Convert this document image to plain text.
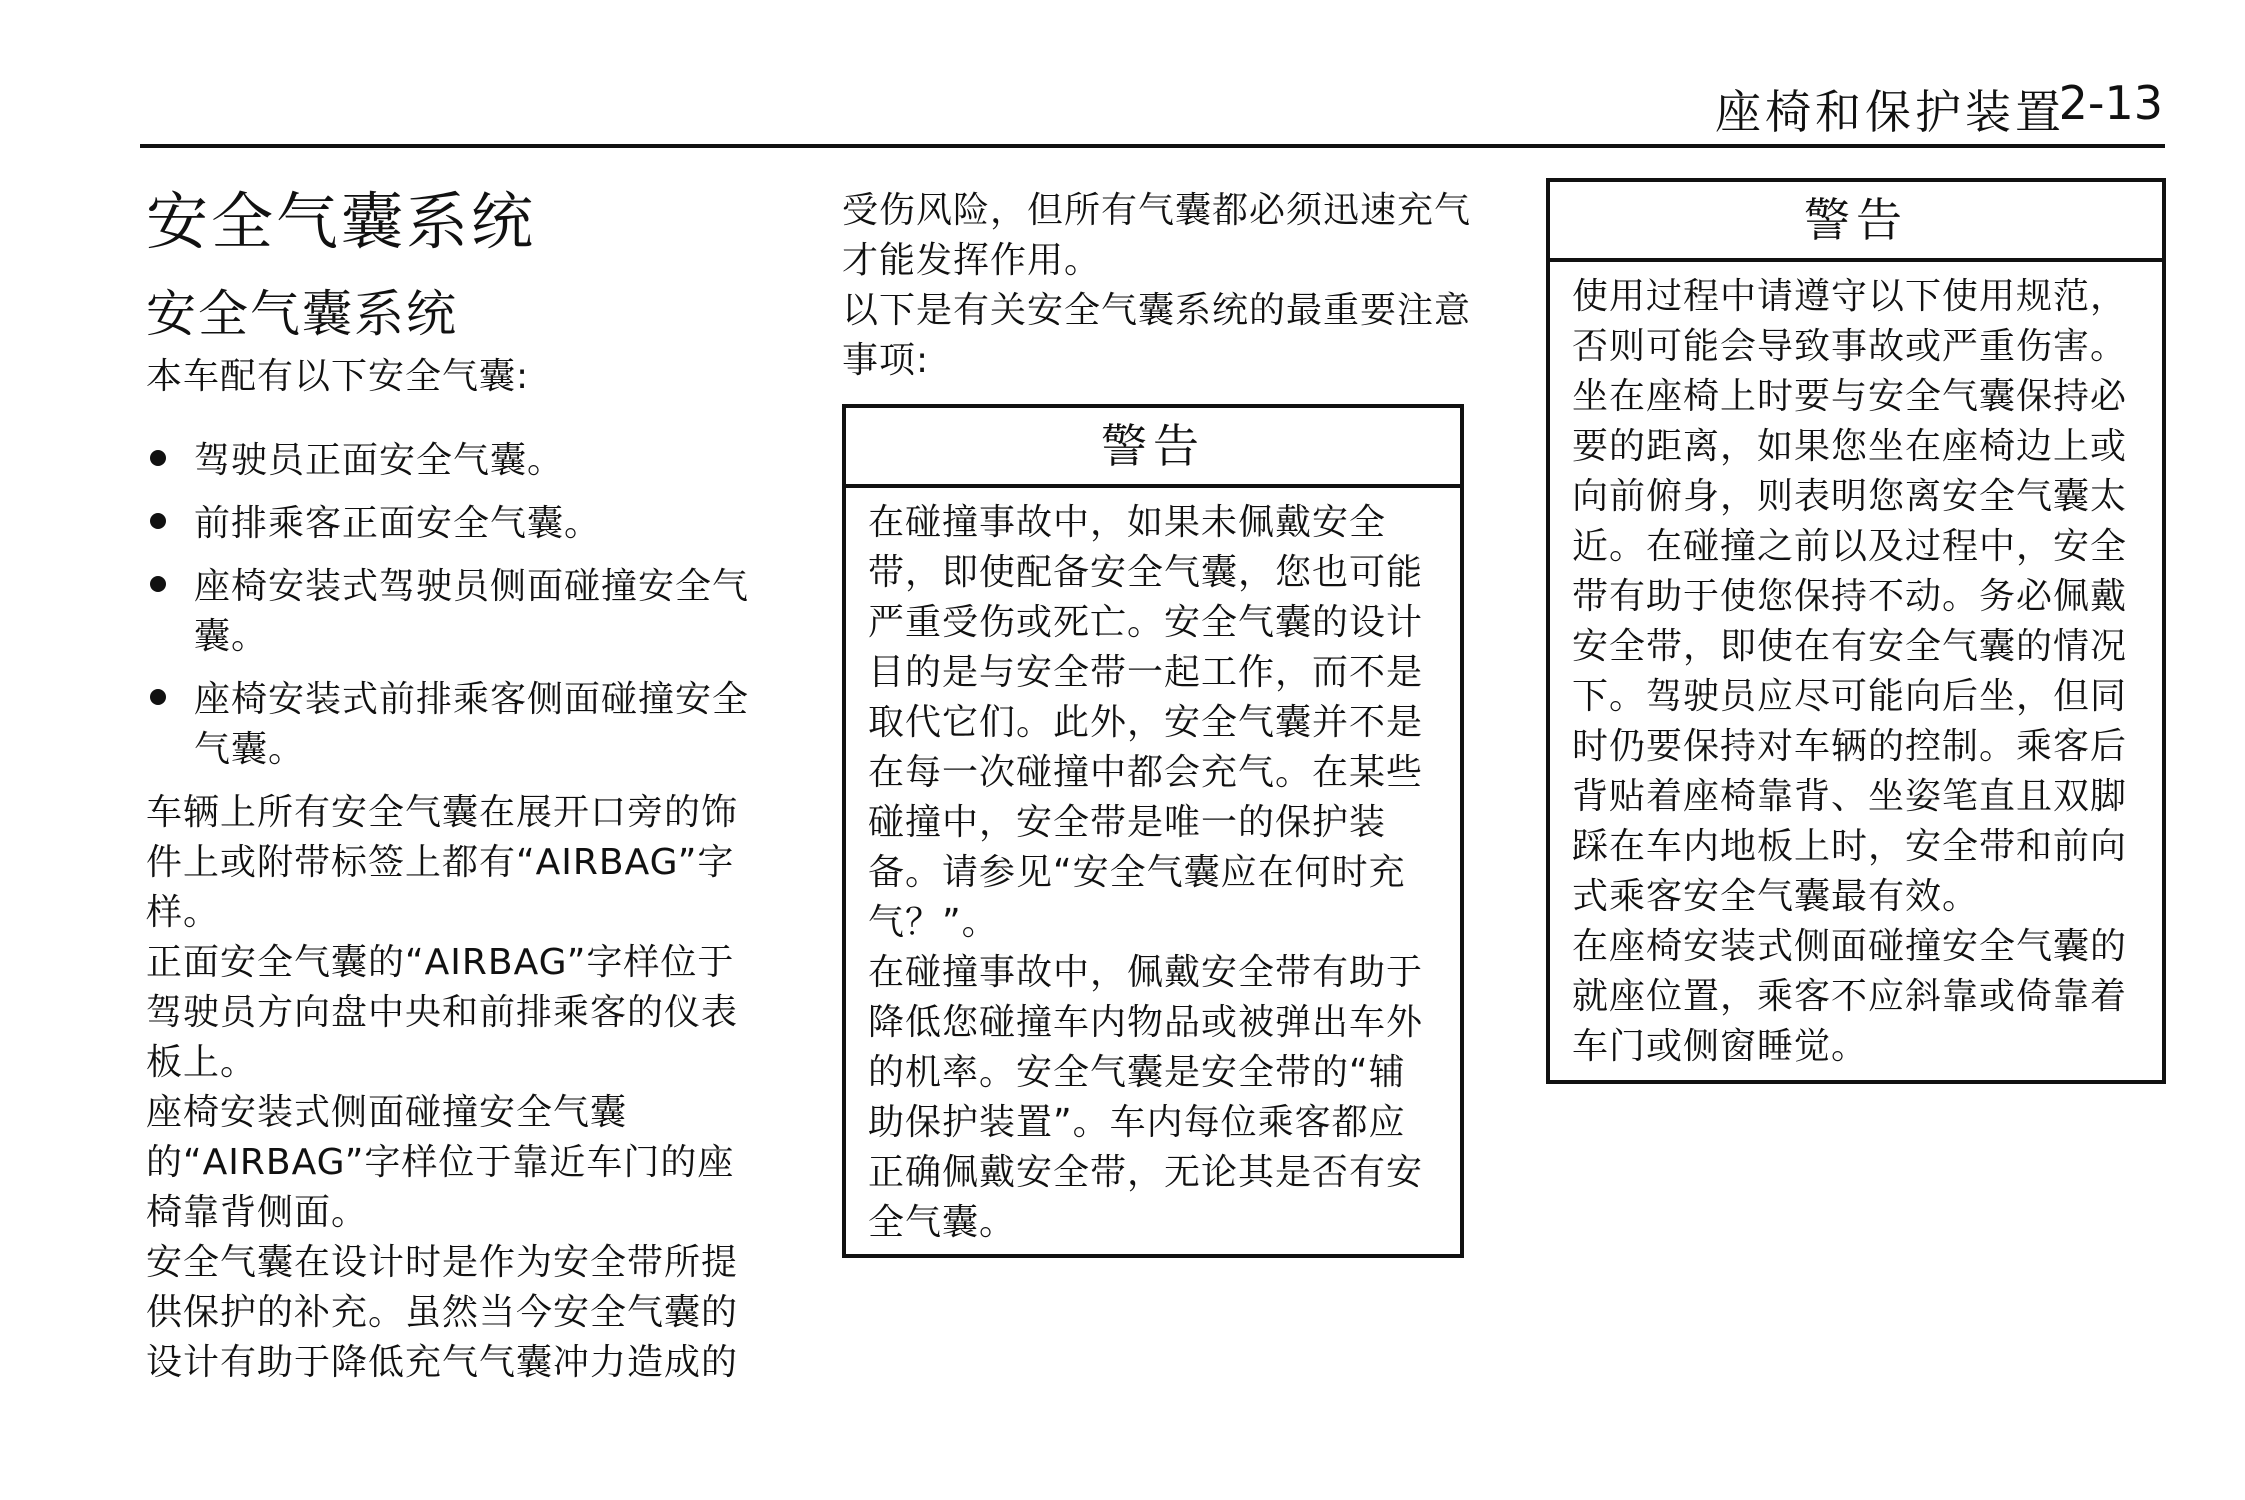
座椅和保护装置
2-13
安全气囊系统
安全气囊系统

本车配有以下安全气囊:

驾驶员正面安全气囊。
前排乘客正面安全气囊。
座椅安装式驾驶员侧面碰撞安全气囊。
座椅安装式前排乘客侧面碰撞安全气囊。

车辆上所有安全气囊在展开口旁的饰件上或附带标签上都有“AIRBAG”字样。

正面安全气囊的“AIRBAG”字样位于驾驶员方向盘中央和前排乘客的仪表板上。

座椅安装式侧面碰撞安全气囊的“AIRBAG”字样位于靠近车门的座椅靠背侧面。

安全气囊在设计时是作为安全带所提供保护的补充。虽然当今安全气囊的设计有助于降低充气气囊冲力造成的

受伤风险，但所有气囊都必须迅速充气才能发挥作用。

以下是有关安全气囊系统的最重要注意事项:

警告

在碰撞事故中，如果未佩戴安全带，即使配备安全气囊，您也可能严重受伤或死亡。安全气囊的设计目的是与安全带一起工作，而不是取代它们。此外，安全气囊并不是在每一次碰撞中都会充气。在某些碰撞中，安全带是唯一的保护装备。请参见“安全气囊应在何时充气？”。

在碰撞事故中，佩戴安全带有助于降低您碰撞车内物品或被弹出车外的机率。安全气囊是安全带的“辅助保护装置”。车内每位乘客都应正确佩戴安全带，无论其是否有安全气囊。

警告

使用过程中请遵守以下使用规范，否则可能会导致事故或严重伤害。

坐在座椅上时要与安全气囊保持必要的距离，如果您坐在座椅边上或向前俯身，则表明您离安全气囊太近。在碰撞之前以及过程中，安全带有助于使您保持不动。务必佩戴安全带，即使在有安全气囊的情况下。驾驶员应尽可能向后坐，但同时仍要保持对车辆的控制。乘客后背贴着座椅靠背、坐姿笔直且双脚踩在车内地板上时，安全带和前向式乘客安全气囊最有效。

在座椅安装式侧面碰撞安全气囊的就座位置，乘客不应斜靠或倚靠着车门或侧窗睡觉。
